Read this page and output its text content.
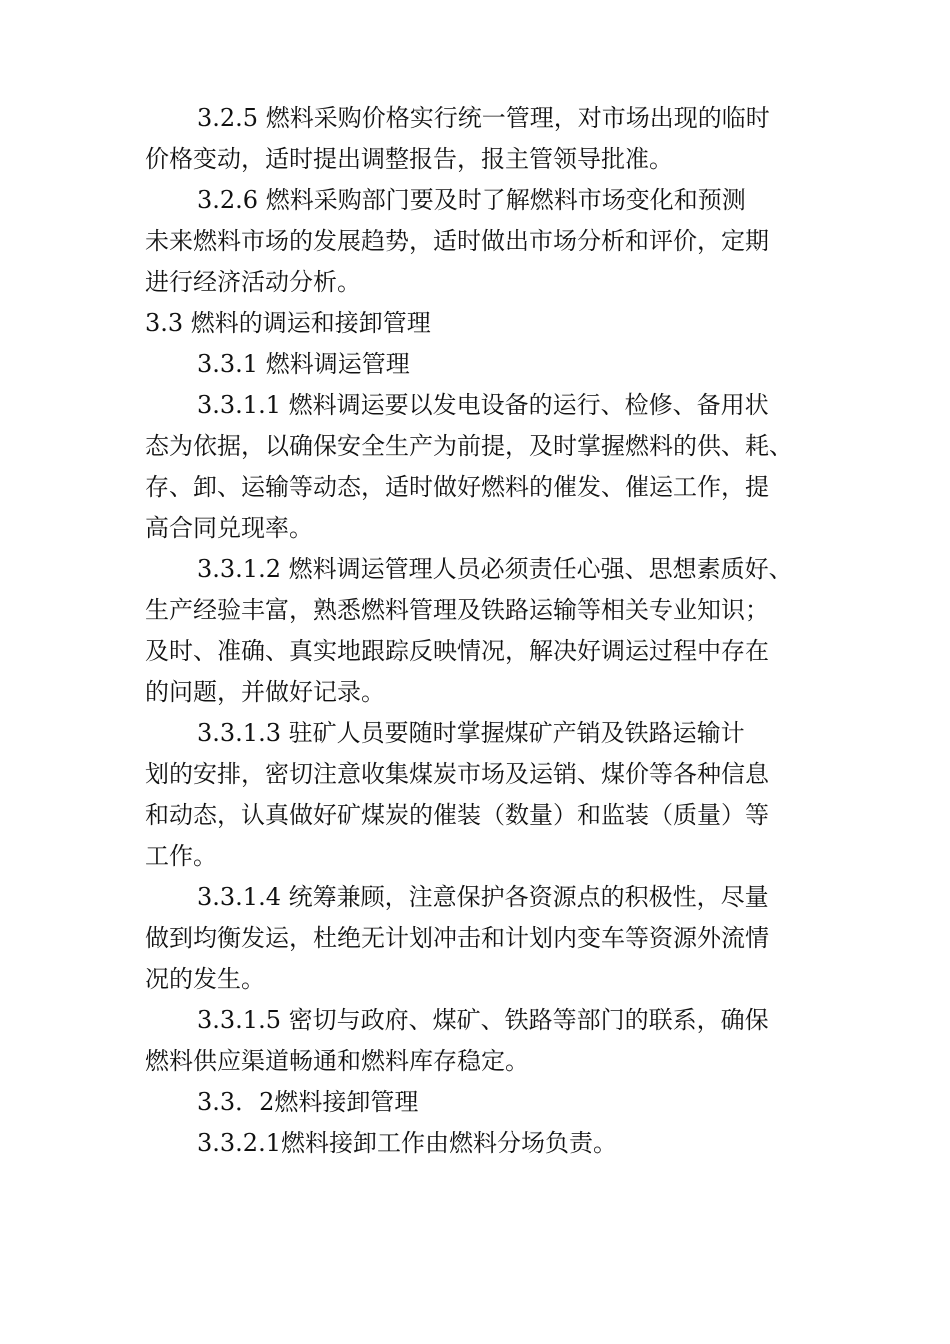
3.2.5 燃料采购价格实行统一管理，对市场出现的临时
价格变动，适时提出调整报告，报主管领导批准。
3.2.6 燃料采购部门要及时了解燃料市场变化和预测
未来燃料市场的发展趋势，适时做出市场分析和评价，定期
进行经济活动分析。
3.3 燃料的调运和接卸管理
3.3.1 燃料调运管理
3.3.1.1 燃料调运要以发电设备的运行、检修、备用状
态为依据，以确保安全生产为前提，及时掌握燃料的供、耗、
存、卸、运输等动态，适时做好燃料的催发、催运工作，提
高合同兑现率。
3.3.1.2 燃料调运管理人员必须责任心强、思想素质好、
生产经验丰富，熟悉燃料管理及铁路运输等相关专业知识；
及时、准确、真实地跟踪反映情况，解决好调运过程中存在
的问题，并做好记录。
3.3.1.3 驻矿人员要随时掌握煤矿产销及铁路运输计
划的安排，密切注意收集煤炭市场及运销、煤价等各种信息
和动态，认真做好矿煤炭的催装（数量）和监装（质量）等
工作。
3.3.1.4 统筹兼顾，注意保护各资源点的积极性，尽量
做到均衡发运，杜绝无计划冲击和计划内变车等资源外流情
况的发生。
3.3.1.5 密切与政府、煤矿、铁路等部门的联系，确保
燃料供应渠道畅通和燃料库存稳定。
3.3．2燃料接卸管理
3.3.2.1燃料接卸工作由燃料分场负责。
